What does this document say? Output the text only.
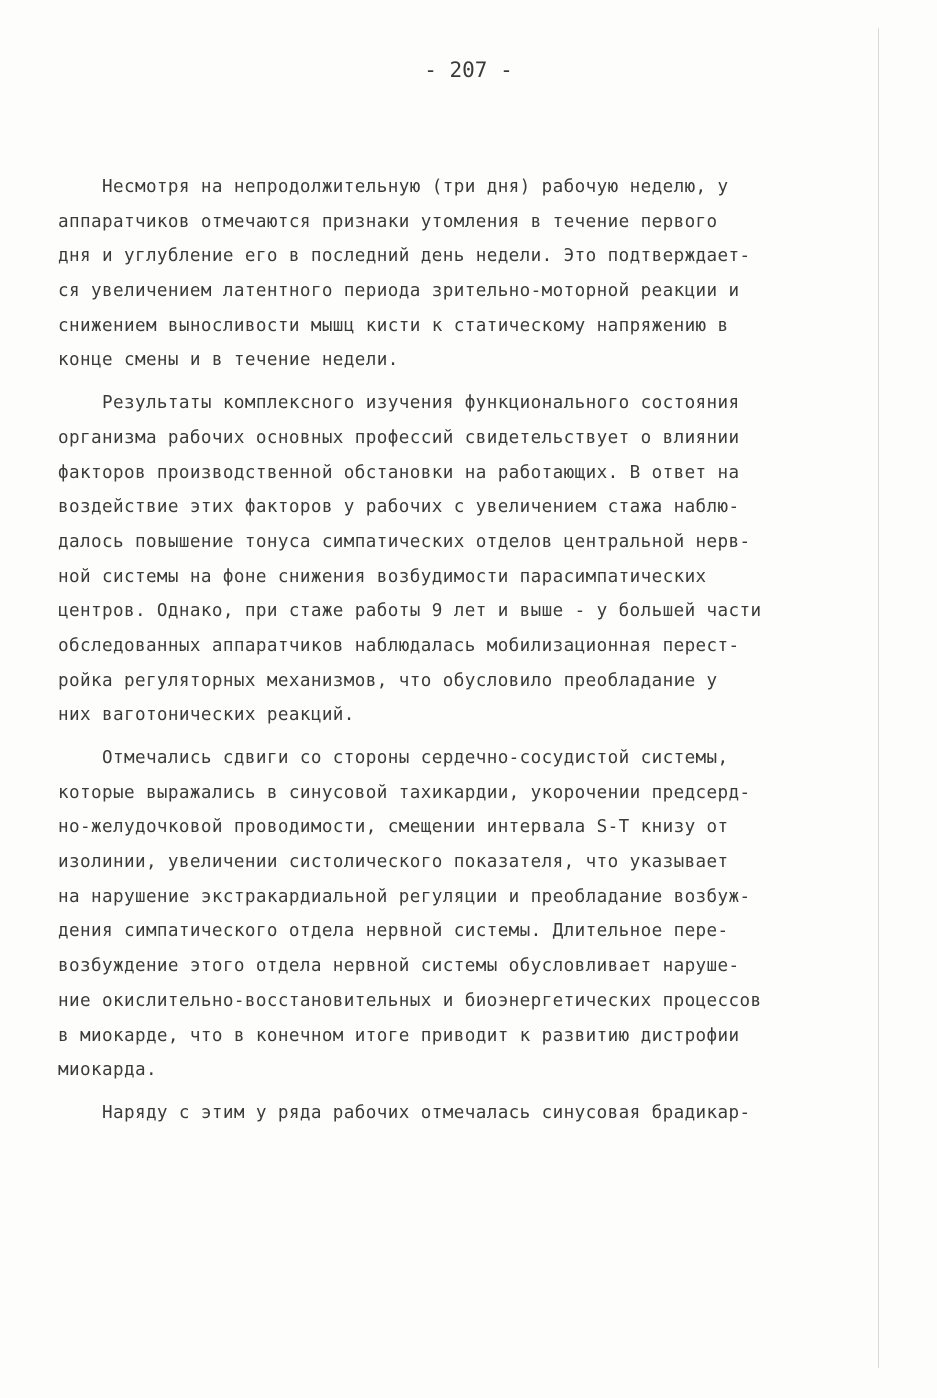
- 207 -
Несмотря на непродолжительную (три дня) рабочую неделю, у
аппаратчиков отмечаются признаки утомления в течение первого
дня и углубление его в последний день недели. Это подтверждает-
ся увеличением латентного периода зрительно-моторной реакции и
снижением выносливости мышц кисти к статическому напряжению в
конце смены и в течение недели.
Результаты комплексного изучения функционального состояния
организма рабочих основных профессий свидетельствует о влиянии
факторов производственной обстановки на работающих. В ответ на
воздействие этих факторов у рабочих с увеличением стажа наблю-
далось повышение тонуса симпатических отделов центральной нерв-
ной системы на фоне снижения возбудимости парасимпатических
центров. Однако, при стаже работы 9 лет и выше - у большей части
обследованных аппаратчиков наблюдалась мобилизационная перест-
ройка регуляторных механизмов, что обусловило преобладание у
них ваготонических реакций.
Отмечались сдвиги со стороны сердечно-сосудистой системы,
которые выражались в синусовой тахикардии, укорочении предсерд-
но-желудочковой проводимости, смещении интервала S-T книзу от
изолинии, увеличении систолического показателя, что указывает
на нарушение экстракардиальной регуляции и преобладание возбуж-
дения симпатического отдела нервной системы. Длительное пере-
возбуждение этого отдела нервной системы обусловливает наруше-
ние окислительно-восстановительных и биоэнергетических процессов
в миокарде, что в конечном итоге приводит к развитию дистрофии
миокарда.
Наряду с этим у ряда рабочих отмечалась синусовая брадикар-
